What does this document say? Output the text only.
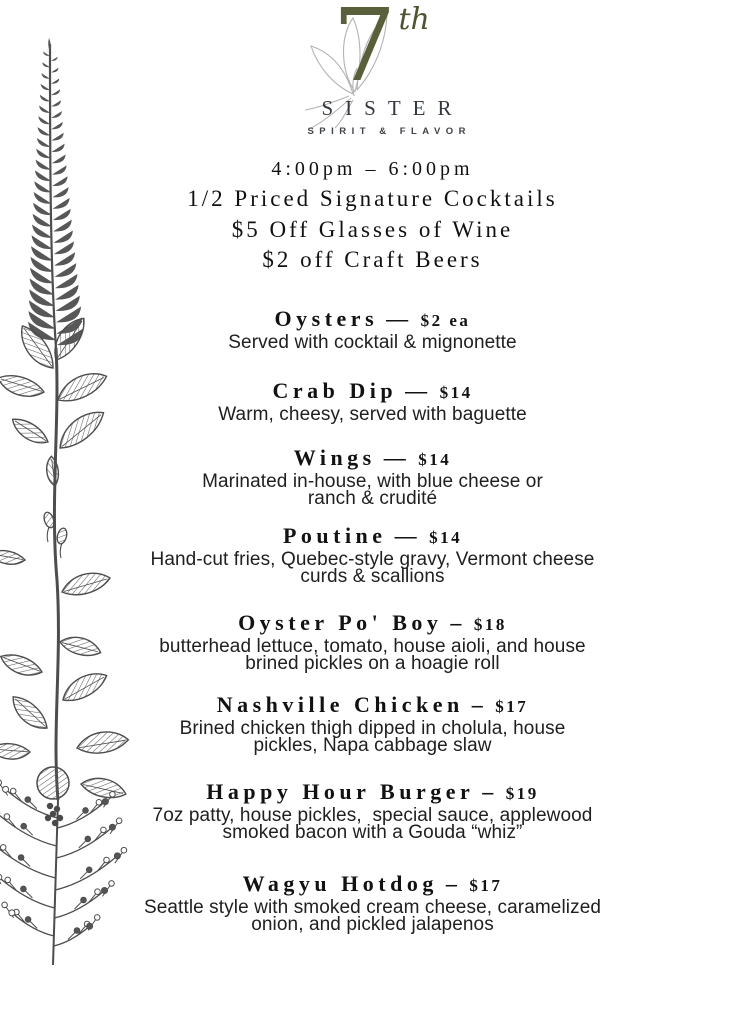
7 th
SISTER
SPIRIT & FLAVOR
4:00pm – 6:00pm
1/2 Priced Signature Cocktails
$5 Off Glasses of Wine
$2 off Craft Beers
Oysters — $2 ea
Served with cocktail & mignonette
Crab Dip — $14
Warm, cheesy, served with baguette
Wings — $14
Marinated in-house, with blue cheese or
ranch & crudité
Poutine — $14
Hand-cut fries, Quebec-style gravy, Vermont cheese
curds & scallions
Oyster Po' Boy – $18
butterhead lettuce, tomato, house aioli, and house
brined pickles on a hoagie roll
Nashville Chicken – $17
Brined chicken thigh dipped in cholula, house
pickles, Napa cabbage slaw
Happy Hour Burger – $19
7oz patty, house pickles,  special sauce, applewood
smoked bacon with a Gouda “whiz”
Wagyu Hotdog – $17
Seattle style with smoked cream cheese, caramelized
onion, and pickled jalapenos
